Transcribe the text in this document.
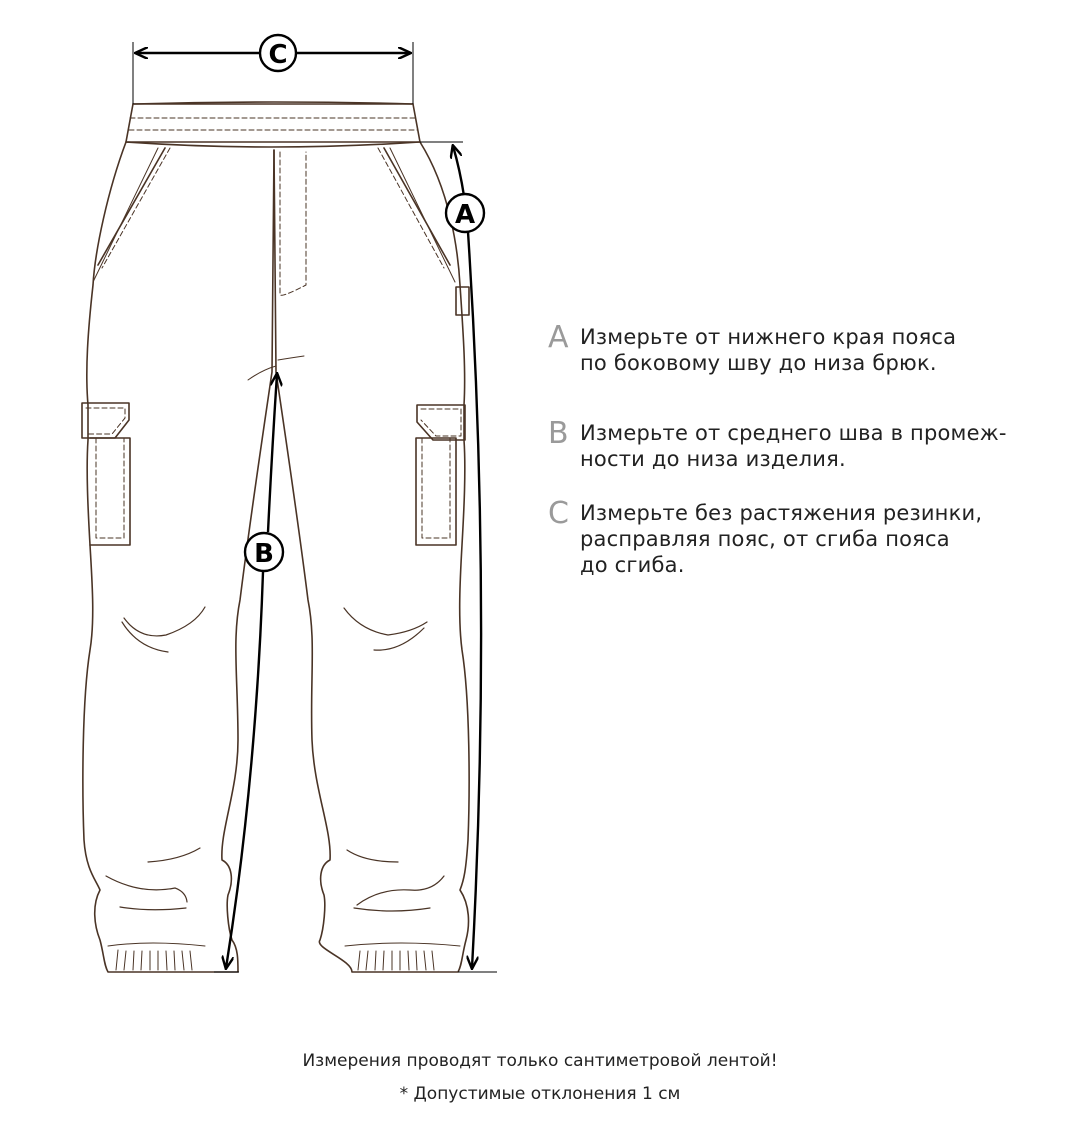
C
A
B
A Измерьте от нижнего края пояса
по боковому шву до низа брюк.
B Измерьте от среднего шва в промеж-
ности до низа изделия.
C Измерьте без растяжения резинки,
расправляя пояс, от сгиба пояса
до сгиба.
Измерения проводят только сантиметровой лентой!
* Допустимые отклонения 1 см
